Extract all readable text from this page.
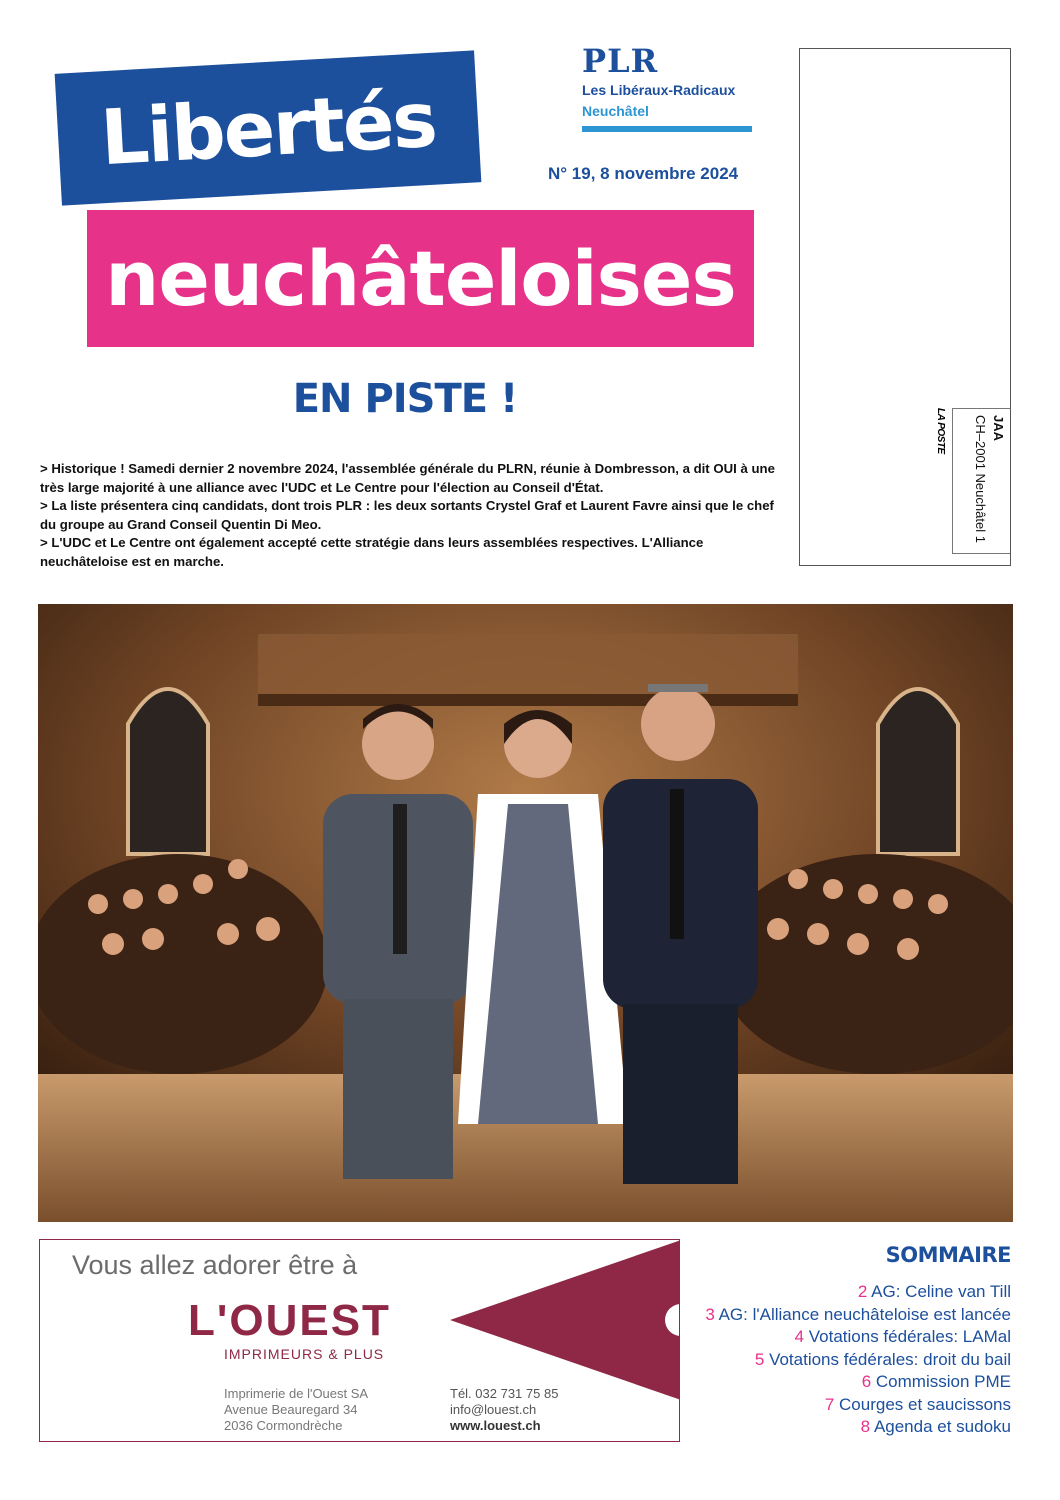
Libertés
neuchâteloises
PLR
Les Libéraux-Radicaux
Neuchâtel
N° 19, 8 novembre 2024
JAA
CH–2001 Neuchâtel 1
LA POSTE
EN PISTE !
> Historique ! Samedi dernier 2 novembre 2024, l'assemblée générale du PLRN, réunie à Dombresson, a dit OUI à une très large majorité à une alliance avec l'UDC et Le Centre pour l'élection au Conseil d'État.
> La liste présentera cinq candidats, dont trois PLR : les deux sortants Crystel Graf et Laurent Favre ainsi que le chef du groupe au Grand Conseil Quentin Di Meo.
> L'UDC et Le Centre ont également accepté cette stratégie dans leurs assemblées respectives. L'Alliance neuchâteloise est en marche.
Vous allez adorer être à
L'OUEST
IMPRIMEURS & PLUS
Imprimerie de l'Ouest SA
Avenue Beauregard 34
2036 Cormondrèche
Tél. 032 731 75 85
info@louest.ch
www.louest.ch
SOMMAIRE
2 AG: Celine van Till
3 AG: l'Alliance neuchâteloise est lancée
4 Votations fédérales: LAMal
5 Votations fédérales: droit du bail
6 Commission PME
7 Courges et saucissons
8 Agenda et sudoku
